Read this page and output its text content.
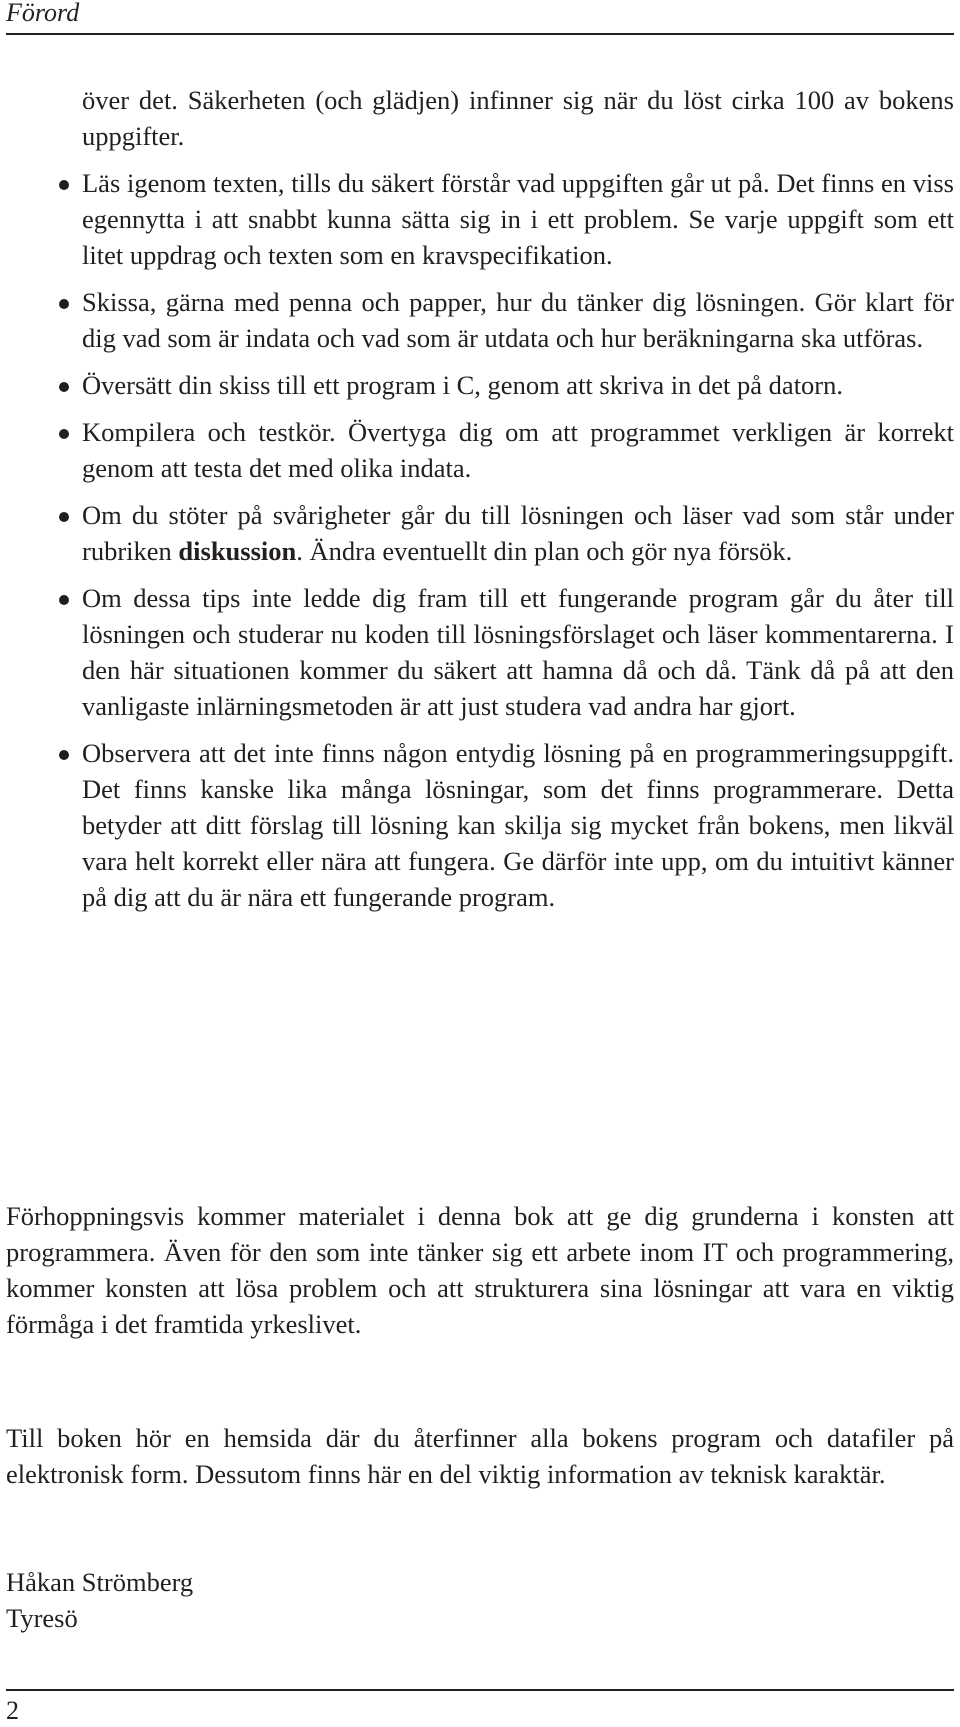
Förord

över det. Säkerheten (och glädjen) infinner sig när du löst cirka 100 av bokens uppgifter.

Läs igenom texten, tills du säkert förstår vad uppgiften går ut på. Det finns en viss egennytta i att snabbt kunna sätta sig in i ett problem. Se varje uppgift som ett litet uppdrag och texten som en kravspecifikation.

Skissa, gärna med penna och papper, hur du tänker dig lösningen. Gör klart för dig vad som är indata och vad som är utdata och hur beräkningarna ska utföras.

Översätt din skiss till ett program i C, genom att skriva in det på datorn.

Kompilera och testkör. Övertyga dig om att programmet verkligen är korrekt genom att testa det med olika indata.

Om du stöter på svårigheter går du till lösningen och läser vad som står under rubriken diskussion. Ändra eventuellt din plan och gör nya försök.

Om dessa tips inte ledde dig fram till ett fungerande program går du åter till lösningen och studerar nu koden till lösningsförslaget och läser kommentarerna. I den här situationen kommer du säkert att hamna då och då. Tänk då på att den vanligaste inlärningsmetoden är att just studera vad andra har gjort.

Observera att det inte finns någon entydig lösning på en programmeringsuppgift. Det finns kanske lika många lösningar, som det finns programmerare. Detta betyder att ditt förslag till lösning kan skilja sig mycket från bokens, men likväl vara helt korrekt eller nära att fungera. Ge därför inte upp, om du intuitivt känner på dig att du är nära ett fungerande program.

Förhoppningsvis kommer materialet i denna bok att ge dig grunderna i konsten att programmera. Även för den som inte tänker sig ett arbete inom IT och programmering, kommer konsten att lösa problem och att strukturera sina lösningar att vara en viktig förmåga i det framtida yrkeslivet.

Till boken hör en hemsida där du återfinner alla bokens program och datafiler på elektronisk form. Dessutom finns här en del viktig information av teknisk karaktär.

Håkan Strömberg
Tyresö
2
